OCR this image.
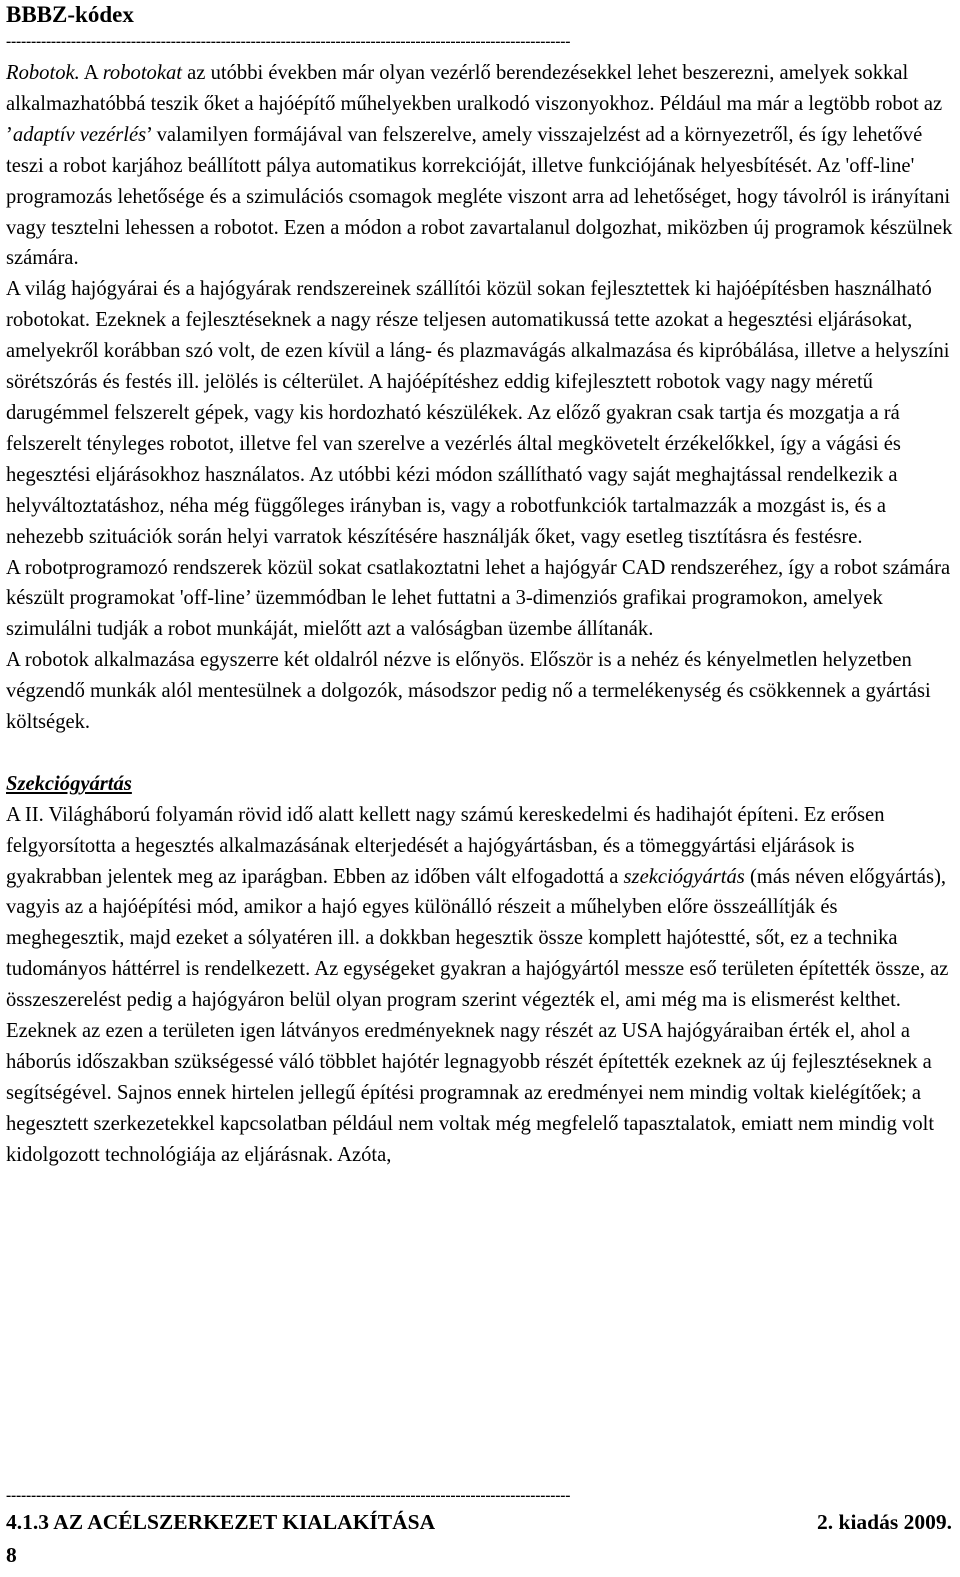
BBBZ-kódex
-----------------------------------------------------------------------------------------------------------------

Robotok. A robotokat az utóbbi években már olyan vezérlő berendezésekkel lehet beszerezni, amelyek sokkal alkalmazhatóbbá teszik őket a hajóépítő műhelyekben uralkodó viszonyokhoz. Például ma már a legtöbb robot az ’adaptív vezérlés’ valamilyen formájával van felszerelve, amely visszajelzést ad a környezetről, és így lehetővé teszi a robot karjához beállított pálya automatikus korrekcióját, illetve funkciójának helyesbítését. Az 'off-line' programozás lehetősége és a szimulációs csomagok megléte viszont arra ad lehetőséget, hogy távolról is irányítani vagy tesztelni lehessen a robotot. Ezen a módon a robot zavartalanul dolgozhat, miközben új programok készülnek számára.

A világ hajógyárai és a hajógyárak rendszereinek szállítói közül sokan fejlesztettek ki hajóépítésben használható robotokat. Ezeknek a fejlesztéseknek a nagy része teljesen automatikussá tette azokat a hegesztési eljárásokat, amelyekről korábban szó volt, de ezen kívül a láng- és plazmavágás alkalmazása és kipróbálása, illetve a helyszíni sörétszórás és festés ill. jelölés is célterület. A hajóépítéshez eddig kifejlesztett robotok vagy nagy méretű darugémmel felszerelt gépek, vagy kis hordozható készülékek. Az előző gyakran csak tartja és mozgatja a rá felszerelt tényleges robotot, illetve fel van szerelve a vezérlés által megkövetelt érzékelőkkel, így a vágási és hegesztési eljárásokhoz használatos. Az utóbbi kézi módon szállítható vagy saját meghajtással rendelkezik a helyváltoztatáshoz, néha még függőleges irányban is, vagy a robotfunkciók tartalmazzák a mozgást is, és a nehezebb szituációk során helyi varratok készítésére használják őket, vagy esetleg tisztításra és festésre.

A robotprogramozó rendszerek közül sokat csatlakoztatni lehet a hajógyár CAD rendszeréhez, így a robot számára készült programokat 'off-line’ üzemmódban le lehet futtatni a 3-dimenziós grafikai programokon, amelyek szimulálni tudják a robot munkáját, mielőtt azt a valóságban üzembe állítanák.

A robotok alkalmazása egyszerre két oldalról nézve is előnyös. Először is a nehéz és kényelmetlen helyzetben végzendő munkák alól mentesülnek a dolgozók, másodszor pedig nő a termelékenység és csökkennek a gyártási költségek.

Szekciógyártás

A II. Világháború folyamán rövid idő alatt kellett nagy számú kereskedelmi és hadihajót építeni. Ez erősen felgyorsította a hegesztés alkalmazásának elterjedését a hajógyártásban, és a tömeggyártási eljárások is gyakrabban jelentek meg az iparágban. Ebben az időben vált elfogadottá a szekciógyártás (más néven előgyártás), vagyis az a hajóépítési mód, amikor a hajó egyes különálló részeit a műhelyben előre összeállítják és meghegesztik, majd ezeket a sólyatéren ill. a dokkban hegesztik össze komplett hajótestté, sőt, ez a technika tudományos háttérrel is rendelkezett. Az egységeket gyakran a hajógyártól messze eső területen építették össze, az összeszerelést pedig a hajógyáron belül olyan program szerint végezték el, ami még ma is elismerést kelthet. Ezeknek az ezen a területen igen látványos eredményeknek nagy részét az USA hajógyáraiban érték el, ahol a háborús időszakban szükségessé váló többlet hajótér legnagyobb részét építették ezeknek az új fejlesztéseknek a segítségével. Sajnos ennek hirtelen jellegű építési programnak az eredményei nem mindig voltak kielégítőek; a hegesztett szerkezetekkel kapcsolatban például nem voltak még megfelelő tapasztalatok, emiatt nem mindig volt kidolgozott technológiája az eljárásnak. Azóta,

-----------------------------------------------------------------------------------------------------------------
4.1.3 AZ ACÉLSZERKEZET KIALAKÍTÁSA	2. kiadás 2009.
8
